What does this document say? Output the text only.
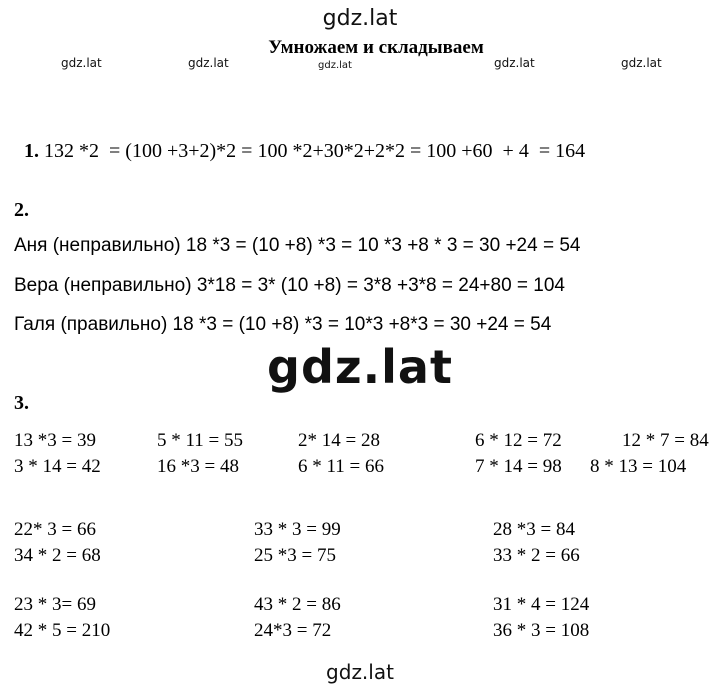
gdz.lat
gdz.lat	gdz.lat	gdz.lat	gdz.lat	gdz.lat
Умножаем и складываем

1. 132 *2  = (100 +3+2)*2 = 100 *2+30*2+2*2 = 100 +60  + 4  = 164

2.
Аня (неправильно) 18 *3 = (10 +8) *3 = 10 *3 +8 * 3 = 30 +24 = 54
Вера (неправильно) 3*18 = 3* (10 +8) = 3*8 +3*8 = 24+80 = 104
Галя (правильно) 18 *3 = (10 +8) *3 = 10*3 +8*3 = 30 +24 = 54
gdz.lat
3.
13 *3 = 39	5 * 11 = 55	2* 14 = 28	6 * 12 = 72	12 * 7 = 84
3 * 14 = 42	16 *3 = 48	6 * 11 = 66	7 * 14 = 98 8 * 13 = 104
22* 3 = 66	33 * 3 = 99	28 *3 = 84
34 * 2 = 68	25 *3 = 75	33 * 2 = 66
23 * 3= 69	43 * 2 = 86	31 * 4 = 124
42 * 5 = 210	24*3 = 72	36 * 3 = 108
gdz.lat
